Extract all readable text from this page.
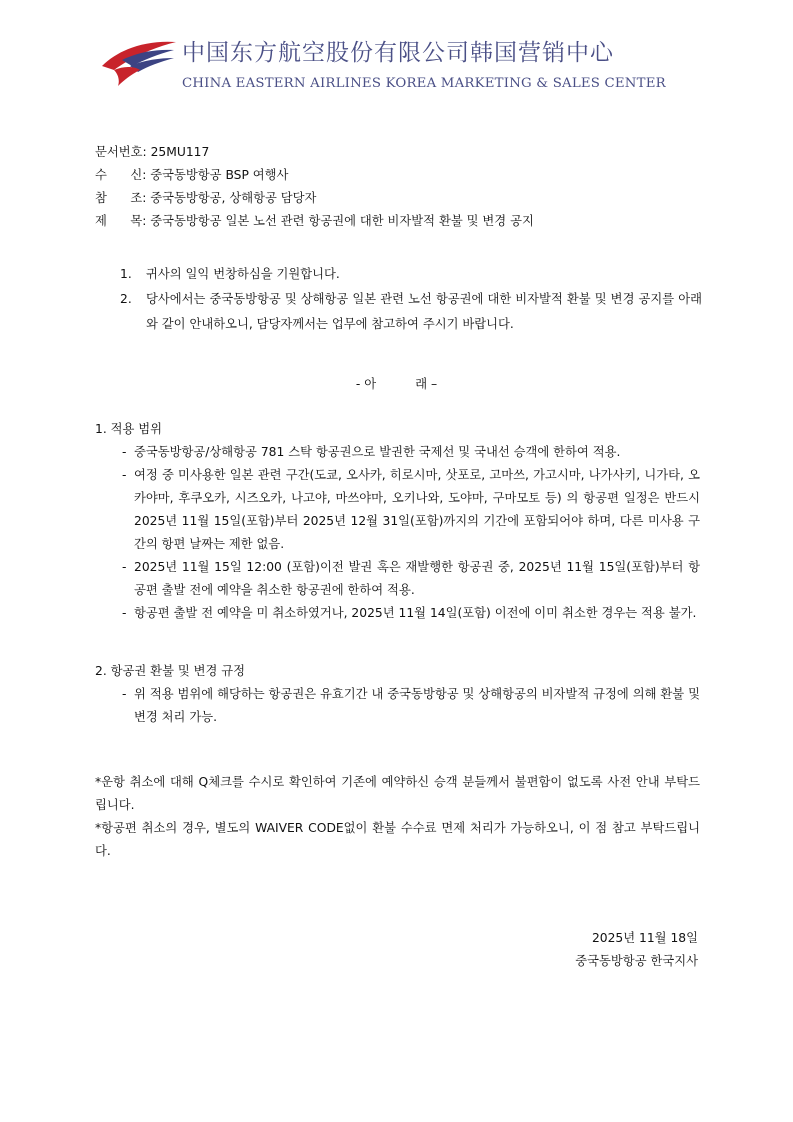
中国东方航空股份有限公司韩国营销中心
CHINA EASTERN AIRLINES KOREA MARKETING & SALES CENTER
문서번호: 25MU117
수      신: 중국동방항공 BSP 여행사
참      조: 중국동방항공, 상해항공 담당자
제      목: 중국동방항공 일본 노선 관련 항공권에 대한 비자발적 환불 및 변경 공지
1. 귀사의 일익 번창하심을 기원합니다.
2. 당사에서는 중국동방항공 및 상해항공 일본 관련 노선 항공권에 대한 비자발적 환불 및 변경 공지를 아래와 같이 안내하오니, 담당자께서는 업무에 참고하여 주시기 바랍니다.
- 아          래 –
1. 적용 범위
- 중국동방항공/상해항공 781 스탁 항공권으로 발권한 국제선 및 국내선 승객에 한하여 적용.
- 여정 중 미사용한 일본 관련 구간(도쿄, 오사카, 히로시마, 삿포로, 고마쓰, 가고시마, 나가사키, 니가타, 오카야마, 후쿠오카, 시즈오카, 나고야, 마쓰야마, 오키나와, 도야마, 구마모토 등) 의 항공편 일정은 반드시 2025년 11월 15일(포함)부터 2025년 12월 31일(포함)까지의 기간에 포함되어야 하며, 다른 미사용 구간의 항편 날짜는 제한 없음.
- 2025년 11월 15일 12:00 (포함)이전 발권 혹은 재발행한 항공권 중, 2025년 11월 15일(포함)부터 항공편 출발 전에 예약을 취소한 항공권에 한하여 적용.
- 항공편 출발 전 예약을 미 취소하였거나, 2025년 11월 14일(포함) 이전에 이미 취소한 경우는 적용 불가.
2. 항공권 환불 및 변경 규정
- 위 적용 범위에 해당하는 항공권은 유효기간 내 중국동방항공 및 상해항공의 비자발적 규정에 의해 환불 및 변경 처리 가능.
*운항 취소에 대해 Q체크를 수시로 확인하여 기존에 예약하신 승객 분들께서 불편함이 없도록 사전 안내 부탁드립니다.
*항공편 취소의 경우, 별도의 WAIVER CODE없이 환불 수수료 면제 처리가 가능하오니, 이 점 참고 부탁드립니다.
2025년 11월 18일
중국동방항공 한국지사
